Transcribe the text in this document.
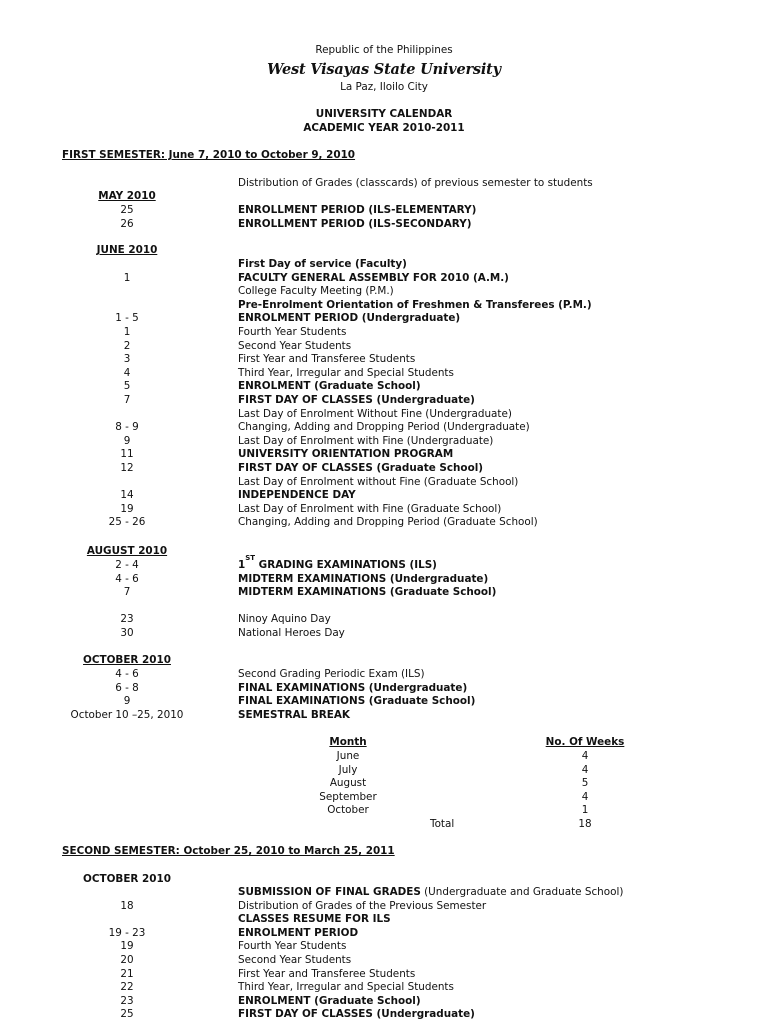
Republic of the Philippines
West Visayas State University
La Paz, Iloilo City
UNIVERSITY CALENDAR
ACADEMIC YEAR 2010-2011
FIRST SEMESTER: June 7, 2010 to October 9, 2010
Distribution of Grades (classcards) of previous semester to students
MAY 2010
25	ENROLLMENT PERIOD (ILS-ELEMENTARY)
26	ENROLLMENT PERIOD (ILS-SECONDARY)
JUNE 2010
First Day of service (Faculty)
1	FACULTY GENERAL ASSEMBLY FOR 2010 (A.M.)
College Faculty Meeting (P.M.)
Pre-Enrolment Orientation of Freshmen & Transferees (P.M.)
1 - 5	ENROLMENT PERIOD (Undergraduate)
1	Fourth Year Students
2	Second Year Students
3	First Year and Transferee Students
4	Third Year, Irregular and Special Students
5	ENROLMENT (Graduate School)
7	FIRST DAY OF CLASSES (Undergraduate)
Last Day of Enrolment Without Fine (Undergraduate)
8 - 9	Changing, Adding and Dropping Period (Undergraduate)
9	Last Day of Enrolment with Fine (Undergraduate)
11	UNIVERSITY ORIENTATION PROGRAM
12	FIRST DAY OF CLASSES (Graduate School)
Last Day of Enrolment without Fine (Graduate School)
14	INDEPENDENCE DAY
19	Last Day of Enrolment with Fine (Graduate School)
25 - 26	Changing, Adding and Dropping Period (Graduate School)
AUGUST 2010
2 - 4	1ST GRADING EXAMINATIONS (ILS)
4 - 6	MIDTERM EXAMINATIONS (Undergraduate)
7	MIDTERM EXAMINATIONS (Graduate School)
23	Ninoy Aquino Day
30	National Heroes Day
OCTOBER 2010
4 - 6	Second Grading Periodic Exam (ILS)
6 - 8	FINAL EXAMINATIONS (Undergraduate)
9	FINAL EXAMINATIONS (Graduate School)
October 10 –25, 2010	SEMESTRAL BREAK
Month	No. Of Weeks
June	4
July	4
August	5
September	4
October	1
Total	18
SECOND SEMESTER: October 25, 2010 to March 25, 2011
OCTOBER 2010
SUBMISSION OF FINAL GRADES (Undergraduate and Graduate School)
18	Distribution of Grades of the Previous Semester
CLASSES RESUME FOR ILS
19 - 23	ENROLMENT PERIOD
19	Fourth Year Students
20	Second Year Students
21	First Year and Transferee Students
22	Third Year, Irregular and Special Students
23	ENROLMENT (Graduate School)
25	FIRST DAY OF CLASSES (Undergraduate)
